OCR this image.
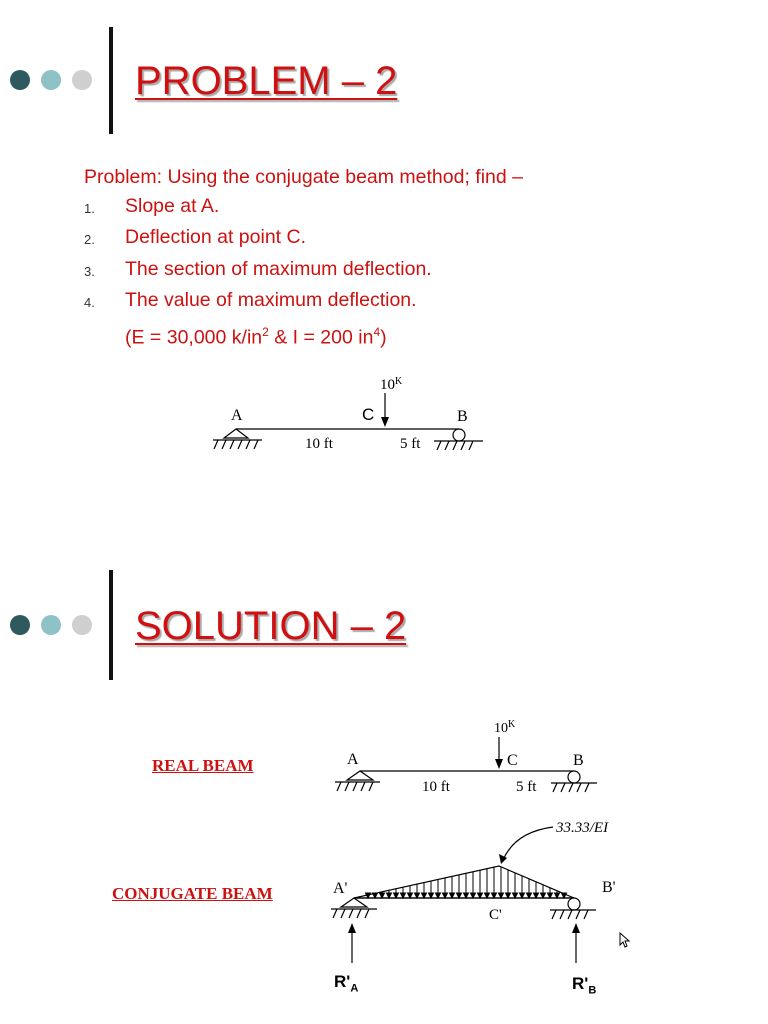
PROBLEM – 2
Problem: Using the conjugate beam method; find –
1.	Slope at A.
2.	Deflection at point C.
3.	The section of maximum deflection.
4.	The value of maximum deflection.
(E = 30,000 $k/in^2$ & I = 200 $in^4$)
$10^K$
A	C	B
10 ft	5 ft
SOLUTION – 2
REAL BEAM
CONJUGATE BEAM
$10^K$
A	C	B
10 ft	5 ft
33.33/EI
A'
C'
B'
$R'_A$	$R'_B$
